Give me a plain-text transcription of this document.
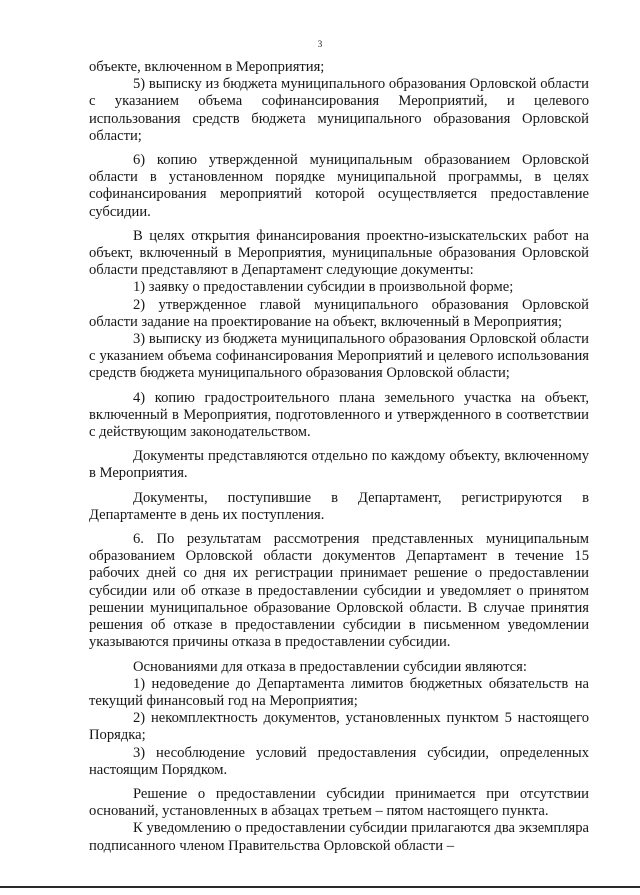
3

объекте, включенном в Мероприятия;

5) выписку из бюджета муниципального образования Орловской области с указанием объема софинансирования Мероприятий, и целевого использования средств бюджета муниципального образования Орловской области;

6) копию утвержденной муниципальным образованием Орловской области в установленном порядке муниципальной программы, в целях софинансирования мероприятий которой осуществляется предоставление субсидии.

В целях открытия финансирования проектно-изыскательских работ на объект, включенный в Мероприятия, муниципальные образования Орловской области представляют в Департамент следующие документы:

1) заявку о предоставлении субсидии в произвольной форме;

2) утвержденное главой муниципального образования Орловской области задание на проектирование на объект, включенный в Мероприятия;

3) выписку из бюджета муниципального образования Орловской области с указанием объема софинансирования Мероприятий и целевого использования средств бюджета муниципального образования Орловской области;

4) копию градостроительного плана земельного участка на объект, включенный в Мероприятия, подготовленного и утвержденного в соответствии с действующим законодательством.

Документы представляются отдельно по каждому объекту, включенному в Мероприятия.

Документы, поступившие в Департамент, регистрируются в Департаменте в день их поступления.

6. По результатам рассмотрения представленных муниципальным образованием Орловской области документов Департамент в течение 15 рабочих дней со дня их регистрации принимает решение о предоставлении субсидии или об отказе в предоставлении субсидии и уведомляет о принятом решении муниципальное образование Орловской области. В случае принятия решения об отказе в предоставлении субсидии в письменном уведомлении указываются причины отказа в предоставлении субсидии.

Основаниями для отказа в предоставлении субсидии являются:

1) недоведение до Департамента лимитов бюджетных обязательств на текущий финансовый год на Мероприятия;

2) некомплектность документов, установленных пунктом 5 настоящего Порядка;

3) несоблюдение условий предоставления субсидии, определенных настоящим Порядком.

Решение о предоставлении субсидии принимается при отсутствии оснований, установленных в абзацах третьем – пятом настоящего пункта.

К уведомлению о предоставлении субсидии прилагаются два экземпляра подписанного членом Правительства Орловской области –
